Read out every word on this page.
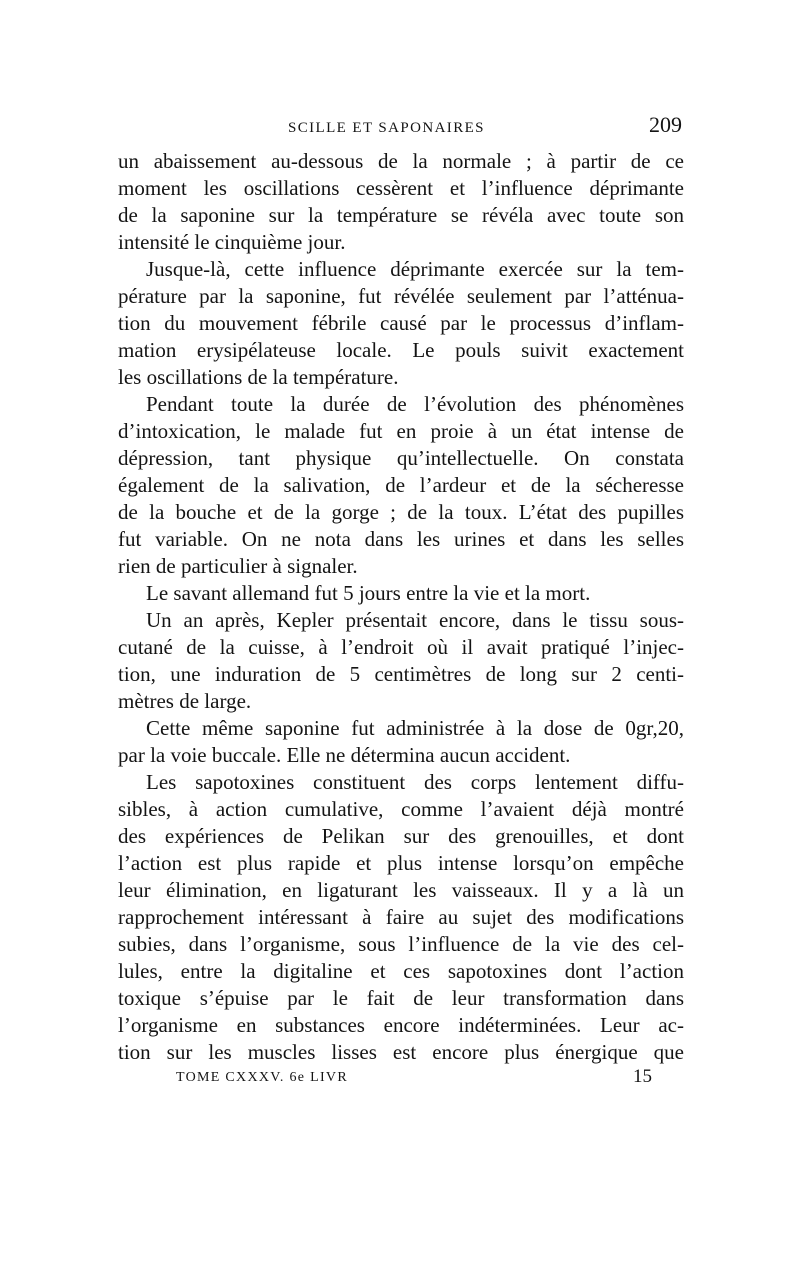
SCILLE ET SAPONAIRES	209
un abaissement au-dessous de la normale ; à partir de ce
moment les oscillations cessèrent et l’influence déprimante
de la saponine sur la température se révéla avec toute son
intensité le cinquième jour.
Jusque-là, cette influence déprimante exercée sur la tem-
pérature par la saponine, fut révélée seulement par l’atténua-
tion du mouvement fébrile causé par le processus d’inflam-
mation erysipélateuse locale. Le pouls suivit exactement
les oscillations de la température.
Pendant toute la durée de l’évolution des phénomènes
d’intoxication, le malade fut en proie à un état intense de
dépression, tant physique qu’intellectuelle. On constata
également de la salivation, de l’ardeur et de la sécheresse
de la bouche et de la gorge ; de la toux. L’état des pupilles
fut variable. On ne nota dans les urines et dans les selles
rien de particulier à signaler.
Le savant allemand fut 5 jours entre la vie et la mort.
Un an après, Kepler présentait encore, dans le tissu sous-
cutané de la cuisse, à l’endroit où il avait pratiqué l’injec-
tion, une induration de 5 centimètres de long sur 2 centi-
mètres de large.
Cette même saponine fut administrée à la dose de 0gr,20,
par la voie buccale. Elle ne détermina aucun accident.
Les sapotoxines constituent des corps lentement diffu-
sibles, à action cumulative, comme l’avaient déjà montré
des expériences de Pelikan sur des grenouilles, et dont
l’action est plus rapide et plus intense lorsqu’on empêche
leur élimination, en ligaturant les vaisseaux. Il y a là un
rapprochement intéressant à faire au sujet des modifications
subies, dans l’organisme, sous l’influence de la vie des cel-
lules, entre la digitaline et ces sapotoxines dont l’action
toxique s’épuise par le fait de leur transformation dans
l’organisme en substances encore indéterminées. Leur ac-
tion sur les muscles lisses est encore plus énergique que
TOME CXXXV. 6e LIVR	15
